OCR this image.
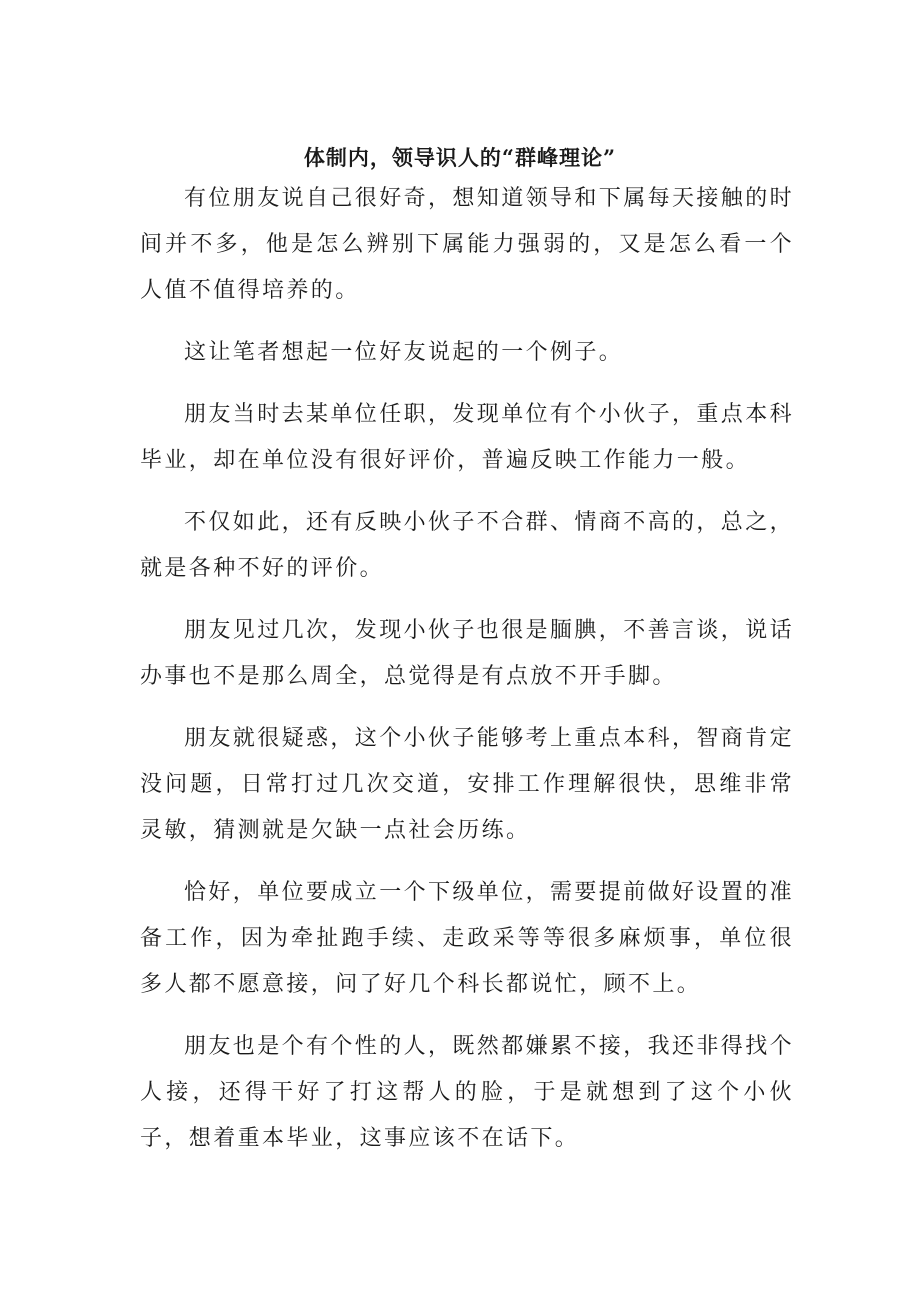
体制内，领导识人的“群峰理论”

有位朋友说自己很好奇，想知道领导和下属每天接触的时间并不多，他是怎么辨别下属能力强弱的，又是怎么看一个人值不值得培养的。

这让笔者想起一位好友说起的一个例子。

朋友当时去某单位任职，发现单位有个小伙子，重点本科毕业，却在单位没有很好评价，普遍反映工作能力一般。

不仅如此，还有反映小伙子不合群、情商不高的，总之，就是各种不好的评价。

朋友见过几次，发现小伙子也很是腼腆，不善言谈，说话办事也不是那么周全，总觉得是有点放不开手脚。

朋友就很疑惑，这个小伙子能够考上重点本科，智商肯定没问题，日常打过几次交道，安排工作理解很快，思维非常灵敏，猜测就是欠缺一点社会历练。

恰好，单位要成立一个下级单位，需要提前做好设置的准备工作，因为牵扯跑手续、走政采等等很多麻烦事，单位很多人都不愿意接，问了好几个科长都说忙，顾不上。

朋友也是个有个性的人，既然都嫌累不接，我还非得找个人接，还得干好了打这帮人的脸，于是就想到了这个小伙子，想着重本毕业，这事应该不在话下。
